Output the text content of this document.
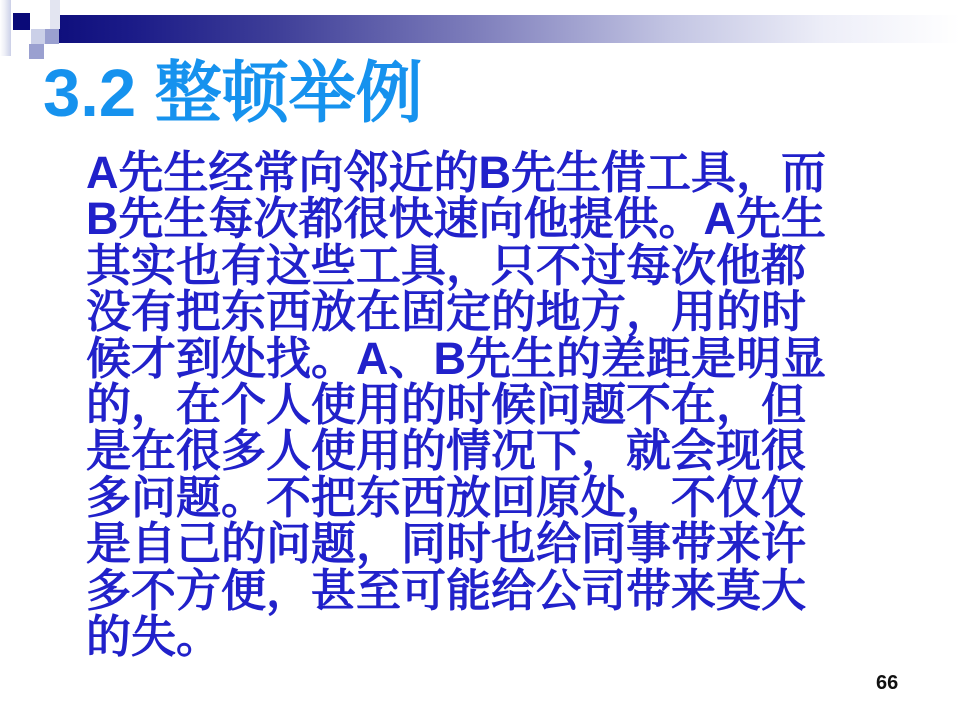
3.2 整顿举例
A先生经常向邻近的B先生借工具，而
B先生每次都很快速向他提供。A先生
其实也有这些工具，只不过每次他都
没有把东西放在固定的地方，用的时
候才到处找。A、B先生的差距是明显
的，在个人使用的时候问题不在，但
是在很多人使用的情况下，就会现很
多问题。不把东西放回原处，不仅仅
是自己的问题，同时也给同事带来许
多不方便，甚至可能给公司带来莫大
的失。
66
